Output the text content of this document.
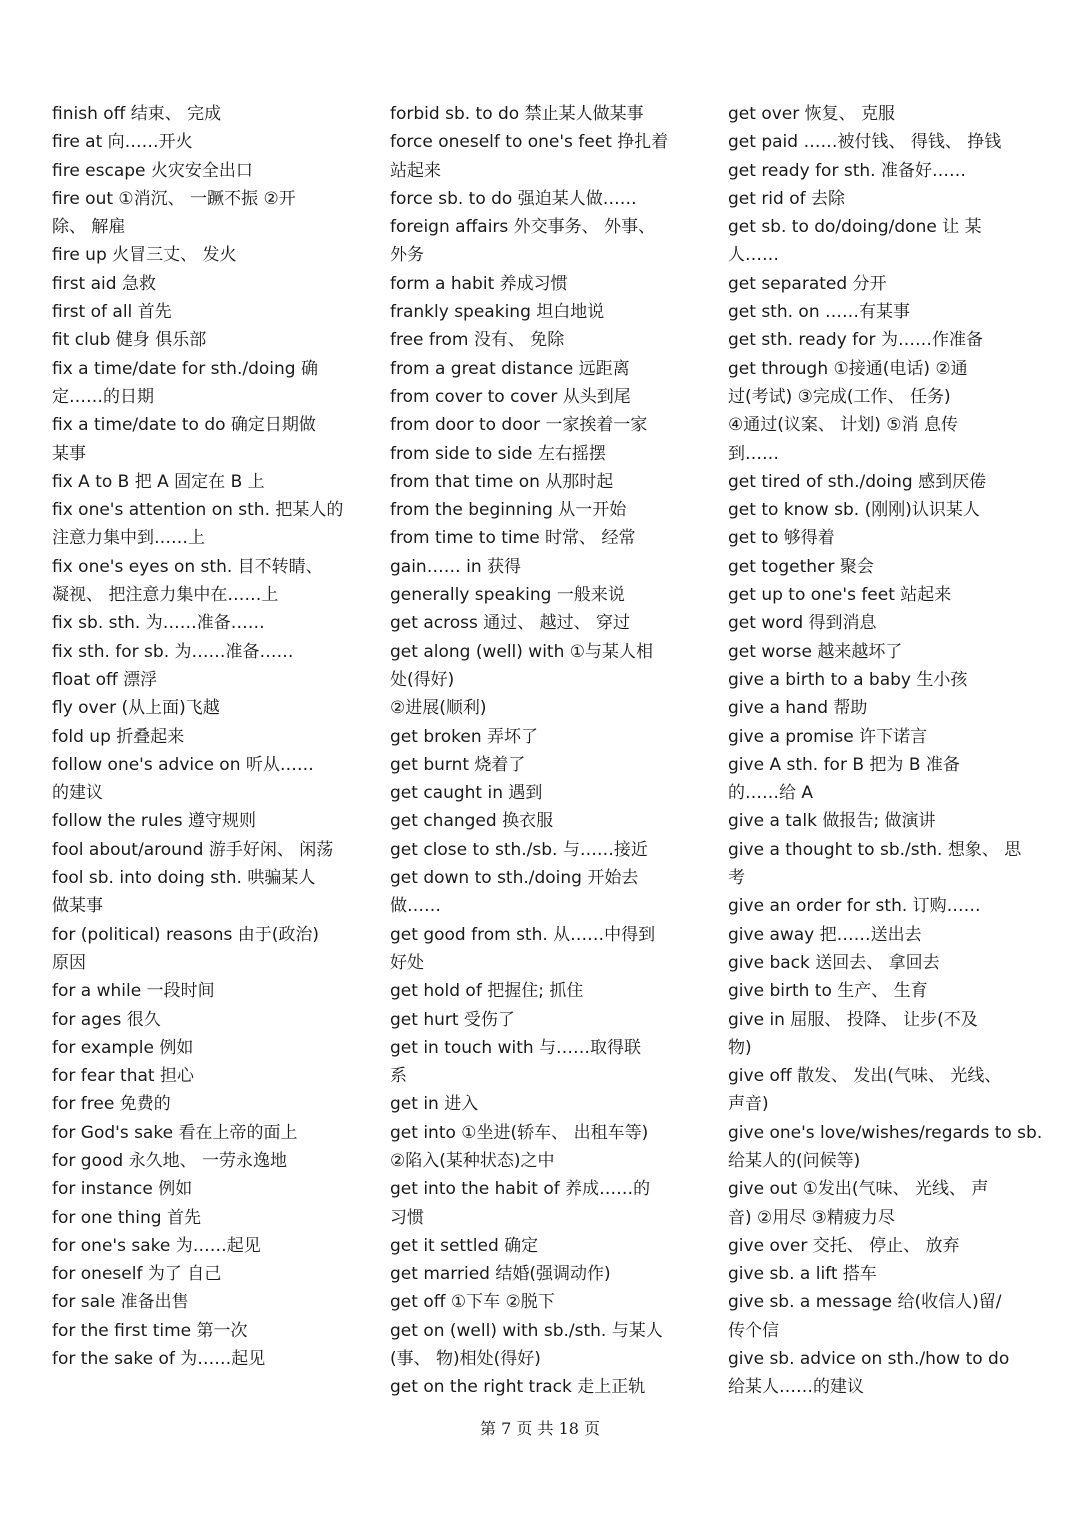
finish off 结束、 完成
fire at 向……开火
fire escape 火灾安全出口
fire out ①消沉、 一蹶不振 ②开
除、 解雇
fire up 火冒三丈、 发火
first aid 急救
first of all 首先
fit club 健身 俱乐部
fix a time/date for sth./doing 确
定……的日期
fix a time/date to do 确定日期做
某事
fix A to B 把 A 固定在 B 上
fix one's attention on sth. 把某人的
注意力集中到……上
fix one's eyes on sth. 目不转睛、
凝视、 把注意力集中在……上
fix sb. sth. 为……准备……
fix sth. for sb. 为……准备……
float off 漂浮
fly over (从上面)飞越
fold up 折叠起来
follow one's advice on 听从……
的建议
follow the rules 遵守规则
fool about/around 游手好闲、 闲荡
fool sb. into doing sth. 哄骗某人
做某事
for (political) reasons 由于(政治)
原因
for a while 一段时间
for ages 很久
for example 例如
for fear that 担心
for free 免费的
for God's sake 看在上帝的面上
for good 永久地、 一劳永逸地
for instance 例如
for one thing 首先
for one's sake 为……起见
for oneself 为了 自己
for sale 准备出售
for the first time 第一次
for the sake of 为……起见
forbid sb. to do 禁止某人做某事
force oneself to one's feet 挣扎着
站起来
force sb. to do 强迫某人做……
foreign affairs 外交事务、 外事、
外务
form a habit 养成习惯
frankly speaking 坦白地说
free from 没有、 免除
from a great distance 远距离
from cover to cover 从头到尾
from door to door 一家挨着一家
from side to side 左右摇摆
from that time on 从那时起
from the beginning 从一开始
from time to time 时常、 经常
gain…… in 获得
generally speaking 一般来说
get across 通过、 越过、 穿过
get along (well) with ①与某人相
处(得好)
②进展(顺利)
get broken 弄坏了
get burnt 烧着了
get caught in 遇到
get changed 换衣服
get close to sth./sb. 与……接近
get down to sth./doing 开始去
做……
get good from sth. 从……中得到
好处
get hold of 把握住; 抓住
get hurt 受伤了
get in touch with 与……取得联
系
get in 进入
get into ①坐进(轿车、 出租车等)
②陷入(某种状态)之中
get into the habit of 养成……的
习惯
get it settled 确定
get married 结婚(强调动作)
get off ①下车 ②脱下
get on (well) with sb./sth. 与某人
(事、 物)相处(得好)
get on the right track 走上正轨
get over 恢复、 克服
get paid ……被付钱、 得钱、 挣钱
get ready for sth. 准备好……
get rid of 去除
get sb. to do/doing/done 让 某
人……
get separated 分开
get sth. on ……有某事
get sth. ready for 为……作准备
get through ①接通(电话) ②通
过(考试) ③完成(工作、 任务)
④通过(议案、 计划) ⑤消 息传
到……
get tired of sth./doing 感到厌倦
get to know sb. (刚刚)认识某人
get to 够得着
get together 聚会
get up to one's feet 站起来
get word 得到消息
get worse 越来越坏了
give a birth to a baby 生小孩
give a hand 帮助
give a promise 许下诺言
give A sth. for B 把为 B 准备
的……给 A
give a talk 做报告; 做演讲
give a thought to sb./sth. 想象、 思
考
give an order for sth. 订购……
give away 把……送出去
give back 送回去、 拿回去
give birth to 生产、 生育
give in 屈服、 投降、 让步(不及
物)
give off 散发、 发出(气味、 光线、
声音)
give one's love/wishes/regards to sb.
给某人的(问候等)
give out ①发出(气味、 光线、 声
音) ②用尽 ③精疲力尽
give over 交托、 停止、 放弃
give sb. a lift 搭车
give sb. a message 给(收信人)留/
传个信
give sb. advice on sth./how to do
给某人……的建议
第 7 页 共 18 页
